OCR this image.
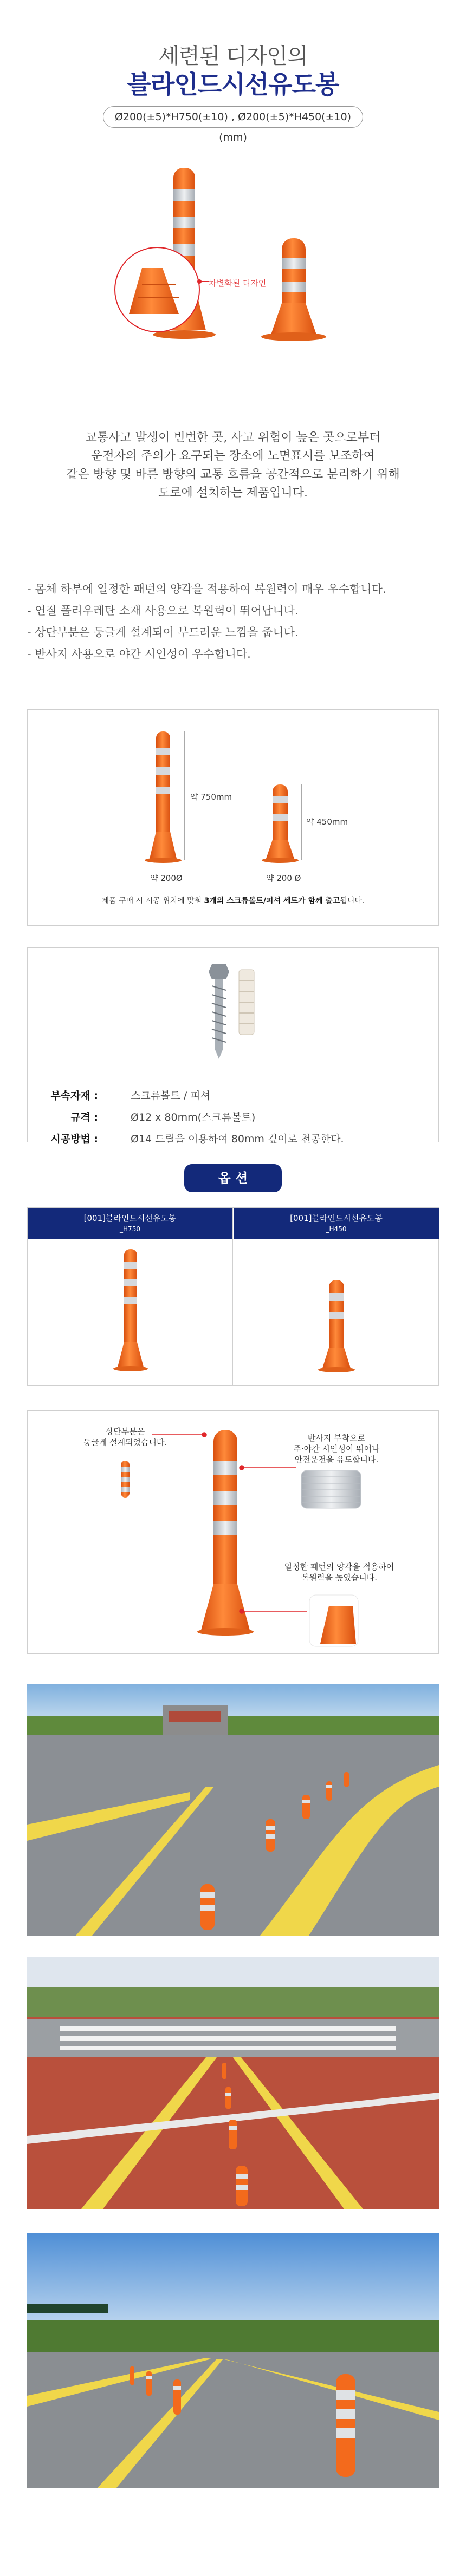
세련된 디자인의
블라인드시선유도봉
Ø200(±5)*H750(±10) , Ø200(±5)*H450(±10) (mm)
차별화된 디자인
교통사고 발생이 빈번한 곳, 사고 위험이 높은 곳으로부터
운전자의 주의가 요구되는 장소에 노면표시를 보조하여
같은 방향 및 바른 방향의 교통 흐름을 공간적으로 분리하기 위해
도로에 설치하는 제품입니다.
- 몸체 하부에 일정한 패턴의 양각을 적용하여 복원력이 매우 우수합니다.
- 연질 폴리우레탄 소재 사용으로 복원력이 뛰어납니다.
- 상단부분은 둥글게 설계되어 부드러운 느낌을 줍니다.
- 반사지 사용으로 야간 시인성이 우수합니다.
약 750mm
약 200Ø
약 450mm
약 200 Ø
제품 구매 시 시공 위치에 맞춰 3개의 스크류볼트/피셔 세트가 함께 출고됩니다.
부속자재 :	스크류볼트 / 피셔
규격 :	Ø12 x 80mm(스크류볼트)
시공방법 :	Ø14 드릴을 이용하여 80mm 깊이로 천공한다.
옵 션
[001]블라인드시선유도봉
_H750
[001]블라인드시선유도봉
_H450
상단부분은
둥글게 설계되었습니다.	반사지 부착으로
주·야간 시인성이 뛰어나
안전운전을 유도합니다.
일정한 패턴의 양각을 적용하여
복원력을 높였습니다.
